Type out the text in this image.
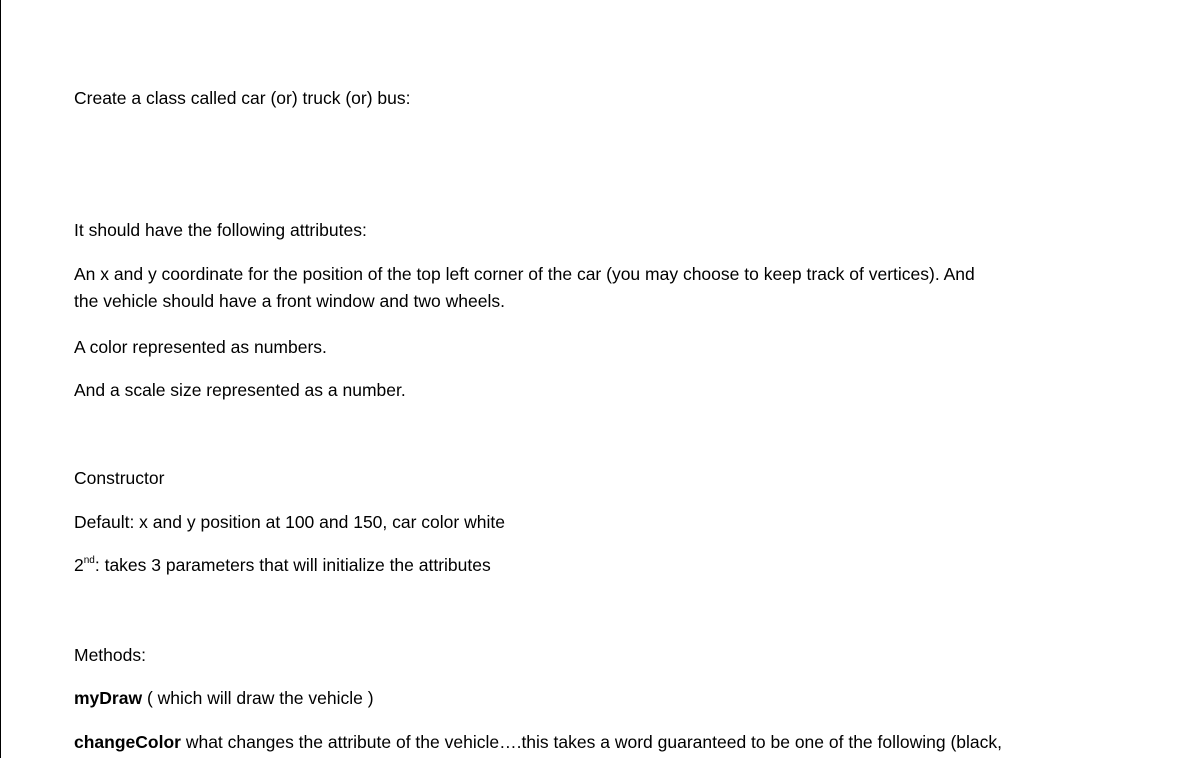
Create a class called car (or) truck (or) bus:
It should have the following attributes:
An x and y coordinate for the position of the top left corner of the car (you may choose to keep track of vertices). And
the vehicle should have a front window and two wheels.
A color represented as numbers.
And a scale size represented as a number.
Constructor
Default: x and y position at 100 and 150, car color white
2nd: takes 3 parameters that will initialize the attributes
Methods:
myDraw ( which will draw the vehicle )
changeColor what changes the attribute of the vehicle….this takes a word guaranteed to be one of the following (black,
